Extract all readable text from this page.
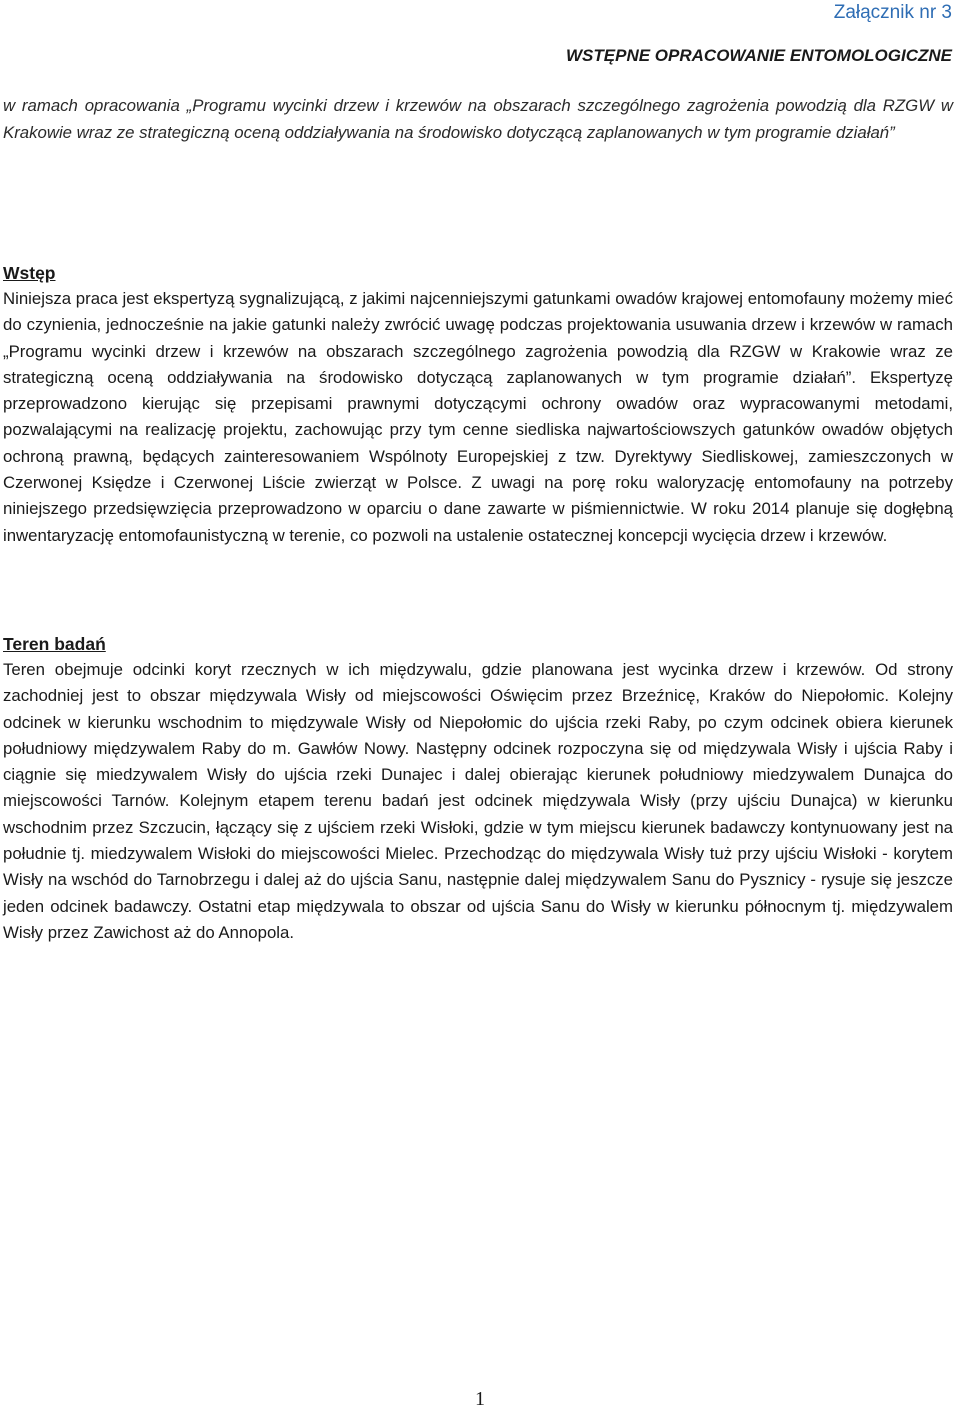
Załącznik nr 3
WSTĘPNE OPRACOWANIE ENTOMOLOGICZNE
w ramach opracowania „Programu wycinki drzew i krzewów na obszarach szczególnego zagrożenia powodzią dla RZGW w Krakowie wraz ze strategiczną oceną oddziaływania na środowisko dotyczącą zaplanowanych w tym programie działań”

Wstęp

Niniejsza praca jest ekspertyzą sygnalizującą, z jakimi najcenniejszymi gatunkami owadów krajowej entomofauny możemy mieć do czynienia, jednocześnie na jakie gatunki należy zwrócić uwagę podczas projektowania usuwania drzew i krzewów w ramach „Programu wycinki drzew i krzewów na obszarach szczególnego zagrożenia powodzią dla RZGW w Krakowie wraz ze strategiczną oceną oddziaływania na środowisko dotyczącą zaplanowanych w tym programie działań”. Ekspertyzę przeprowadzono kierując się przepisami prawnymi dotyczącymi ochrony owadów oraz wypracowanymi metodami, pozwalającymi na realizację projektu, zachowując przy tym cenne siedliska najwartościowszych gatunków owadów objętych ochroną prawną, będących zainteresowaniem Wspólnoty Europejskiej z tzw. Dyrektywy Siedliskowej, zamieszczonych w Czerwonej Księdze i Czerwonej Liście zwierząt w Polsce. Z uwagi na porę roku waloryzację entomofauny na potrzeby niniejszego przedsięwzięcia przeprowadzono w oparciu o dane zawarte w piśmiennictwie. W roku 2014 planuje się dogłębną inwentaryzację entomofaunistyczną w terenie, co pozwoli na ustalenie ostatecznej koncepcji wycięcia drzew i krzewów.

Teren badań

Teren obejmuje odcinki koryt rzecznych w ich międzywalu, gdzie planowana jest wycinka drzew i krzewów. Od strony zachodniej jest to obszar międzywala Wisły od miejscowości Oświęcim przez Brzeźnicę, Kraków do Niepołomic. Kolejny odcinek w kierunku wschodnim to międzywale Wisły od Niepołomic do ujścia rzeki Raby, po czym odcinek obiera kierunek południowy międzywalem Raby do m. Gawłów Nowy. Następny odcinek rozpoczyna się od międzywala Wisły i ujścia Raby i ciągnie się miedzywalem Wisły do ujścia rzeki Dunajec i dalej obierając kierunek południowy miedzywalem Dunajca do miejscowości Tarnów. Kolejnym etapem terenu badań jest odcinek międzywala Wisły (przy ujściu Dunajca) w kierunku wschodnim przez Szczucin, łączący się z ujściem rzeki Wisłoki, gdzie w tym miejscu kierunek badawczy kontynuowany jest na południe tj. miedzywalem Wisłoki do miejscowości Mielec. Przechodząc do międzywala Wisły tuż przy ujściu Wisłoki - korytem Wisły na wschód do Tarnobrzegu i dalej aż do ujścia Sanu, następnie dalej międzywalem Sanu do Pysznicy - rysuje się jeszcze jeden odcinek badawczy. Ostatni etap międzywala to obszar od ujścia Sanu do Wisły w kierunku północnym tj. międzywalem Wisły przez Zawichost aż do Annopola.

1
